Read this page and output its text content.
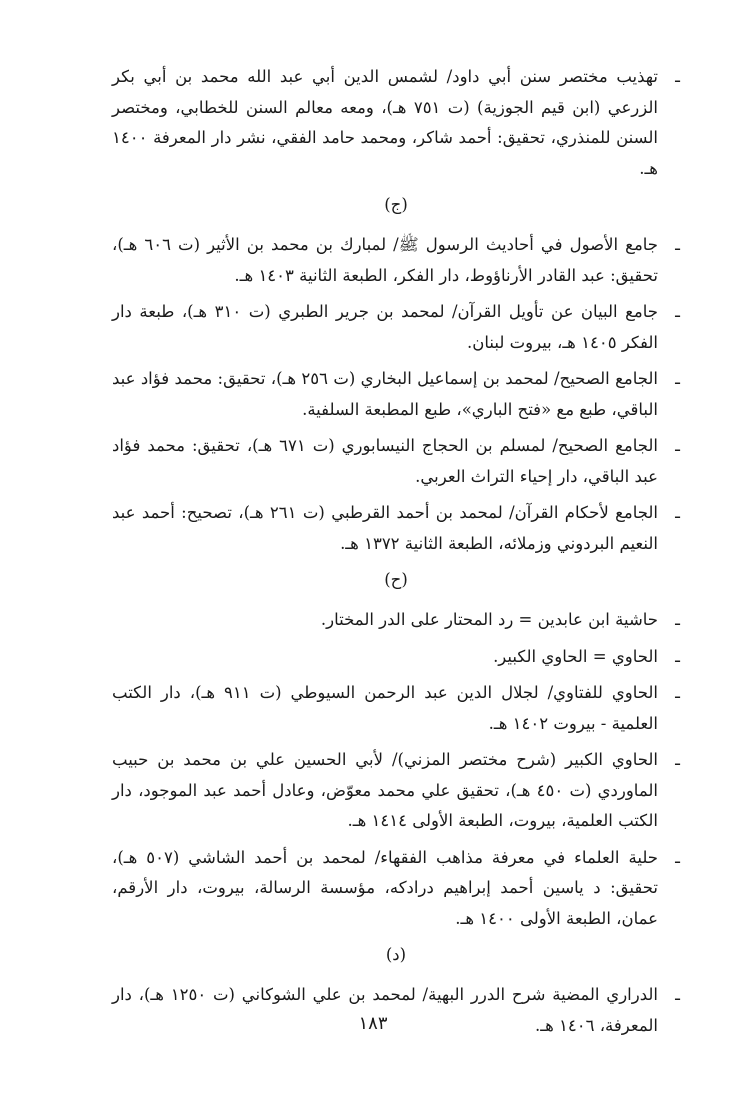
ـ
تهذيب مختصر سنن أبي داود/ لشمس الدين أبي عبد الله محمد بن أبي بكر الزرعي (ابن قيم الجوزية) (ت ٧٥١ هـ)، ومعه معالم السنن للخطابي، ومختصر السنن للمنذري، تحقيق: أحمد شاكر، ومحمد حامد الفقي، نشر دار المعرفة ١٤٠٠ هـ.
(ج)
ـ
جامع الأصول في أحاديث الرسول ﷺ/ لمبارك بن محمد بن الأثير (ت ٦٠٦ هـ)، تحقيق: عبد القادر الأرناؤوط، دار الفكر، الطبعة الثانية ١٤٠٣ هـ.
ـ
جامع البيان عن تأويل القرآن/ لمحمد بن جرير الطبري (ت ٣١٠ هـ)، طبعة دار الفكر ١٤٠٥ هـ، بيروت لبنان.
ـ
الجامع الصحيح/ لمحمد بن إسماعيل البخاري (ت ٢٥٦ هـ)، تحقيق: محمد فؤاد عبد الباقي، طبع مع «فتح الباري»، طبع المطبعة السلفية.
ـ
الجامع الصحيح/ لمسلم بن الحجاج النيسابوري (ت ٦٧١ هـ)، تحقيق: محمد فؤاد عبد الباقي، دار إحياء التراث العربي.
ـ
الجامع لأحكام القرآن/ لمحمد بن أحمد القرطبي (ت ٢٦١ هـ)، تصحيح: أحمد عبد النعيم البردوني وزملائه، الطبعة الثانية ١٣٧٢ هـ.
(ح)
ـ
حاشية ابن عابدين = رد المحتار على الدر المختار.
ـ
الحاوي = الحاوي الكبير.
ـ
الحاوي للفتاوي/ لجلال الدين عبد الرحمن السيوطي (ت ٩١١ هـ)، دار الكتب العلمية - بيروت ١٤٠٢ هـ.
ـ
الحاوي الكبير (شرح مختصر المزني)/ لأبي الحسين علي بن محمد بن حبيب الماوردي (ت ٤٥٠ هـ)، تحقيق علي محمد معوّض، وعادل أحمد عبد الموجود، دار الكتب العلمية، بيروت، الطبعة الأولى ١٤١٤ هـ.
ـ
حلية العلماء في معرفة مذاهب الفقهاء/ لمحمد بن أحمد الشاشي (٥٠٧ هـ)، تحقيق: د ياسين أحمد إبراهيم درادكه، مؤسسة الرسالة، بيروت، دار الأرقم، عمان، الطبعة الأولى ١٤٠٠ هـ.
(د)
ـ
الدراري المضية شرح الدرر البهية/ لمحمد بن علي الشوكاني (ت ١٢٥٠ هـ)، دار المعرفة، ١٤٠٦ هـ.
١٨٣
